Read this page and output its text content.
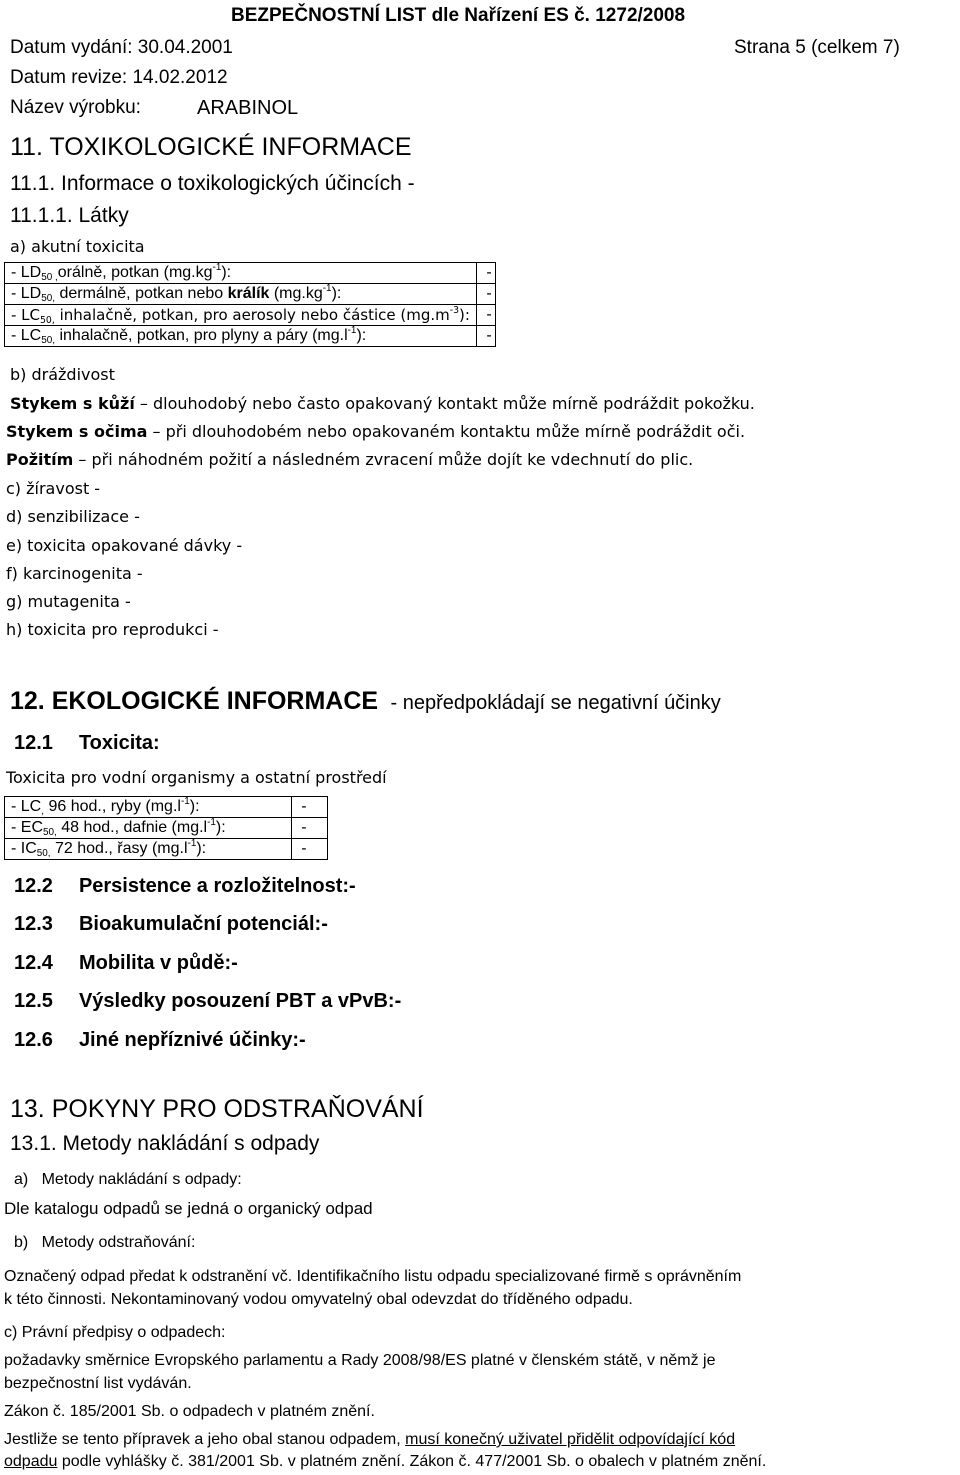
BEZPEČNOSTNÍ LIST dle Nařízení ES č. 1272/2008
Datum vydání: 30.04.2001	Strana 5 (celkem 7)
Datum revize: 14.02.2012
Název výrobku:	ARABINOL
11. TOXIKOLOGICKÉ INFORMACE
11.1. Informace o toxikologických účincích -
11.1.1. Látky
a) akutní toxicita
- $LD_{50 ,}orá\ln ě$, potkan $(mg.kg^{-1})$:	-
- $LD_{50,}$ dermálně, potkan nebo králík $(mg.kg^{-1})$:	-
- $LC_{50,}$ inhalačně, potkan, pro aerosoly nebo částice $(mg.m^{-3})$:	-
- $LC_{50,}$ inhalačně, potkan, pro plyny a páry $(mg.l^{-1})$:	-
b) dráždivost
Stykem s kůží – dlouhodobý nebo často opakovaný kontakt může mírně podráždit pokožku.
Stykem s očima – při dlouhodobém nebo opakovaném kontaktu může mírně podráždit oči.
Požitím – při náhodném požití a následném zvracení může dojít ke vdechnutí do plic.
c) žíravost -
d) senzibilizace -
e) toxicita opakované dávky -
f) karcinogenita -
g) mutagenita -
h) toxicita pro reprodukci -
12. EKOLOGICKÉ INFORMACE - nepředpokládají se negativní účinky
12.1 Toxicita:
Toxicita pro vodní organismy a ostatní prostředí
- $LC_,$ 96 hod., ryby $(mg.l^{-1})$:	-
- $EC_{50,}$ 48 hod., dafnie $(mg.l^{-1})$:	-
- $IC_{50,}$ 72 hod., řasy $(mg.l^{-1})$:	-
12.2 Persistence a rozložitelnost:-
12.3 Bioakumulační potenciál:-
12.4 Mobilita v půdě:-
12.5 Výsledky posouzení PBT a vPvB:-
12.6 Jiné nepříznivé účinky:-
13. POKYNY PRO ODSTRAŇOVÁNÍ
13.1. Metody nakládání s odpady
a)   Metody nakládání s odpady:
Dle katalogu odpadů se jedná o organický odpad
b)   Metody odstraňování:
Označený odpad předat k odstranění vč. Identifikačního listu odpadu specializované firmě s oprávněním
k této činnosti. Nekontaminovaný vodou omyvatelný obal odevzdat do tříděného odpadu.
c) Právní předpisy o odpadech:
požadavky směrnice Evropského parlamentu a Rady 2008/98/ES platné v členském státě, v němž je
bezpečnostní list vydáván.
Zákon č. 185/2001 Sb. o odpadech v platném znění.
Jestliže se tento přípravek a jeho obal stanou odpadem, musí konečný uživatel přidělit odpovídající kód
odpadu podle vyhlášky č. 381/2001 Sb. v platném znění. Zákon č. 477/2001 Sb. o obalech v platném znění.
